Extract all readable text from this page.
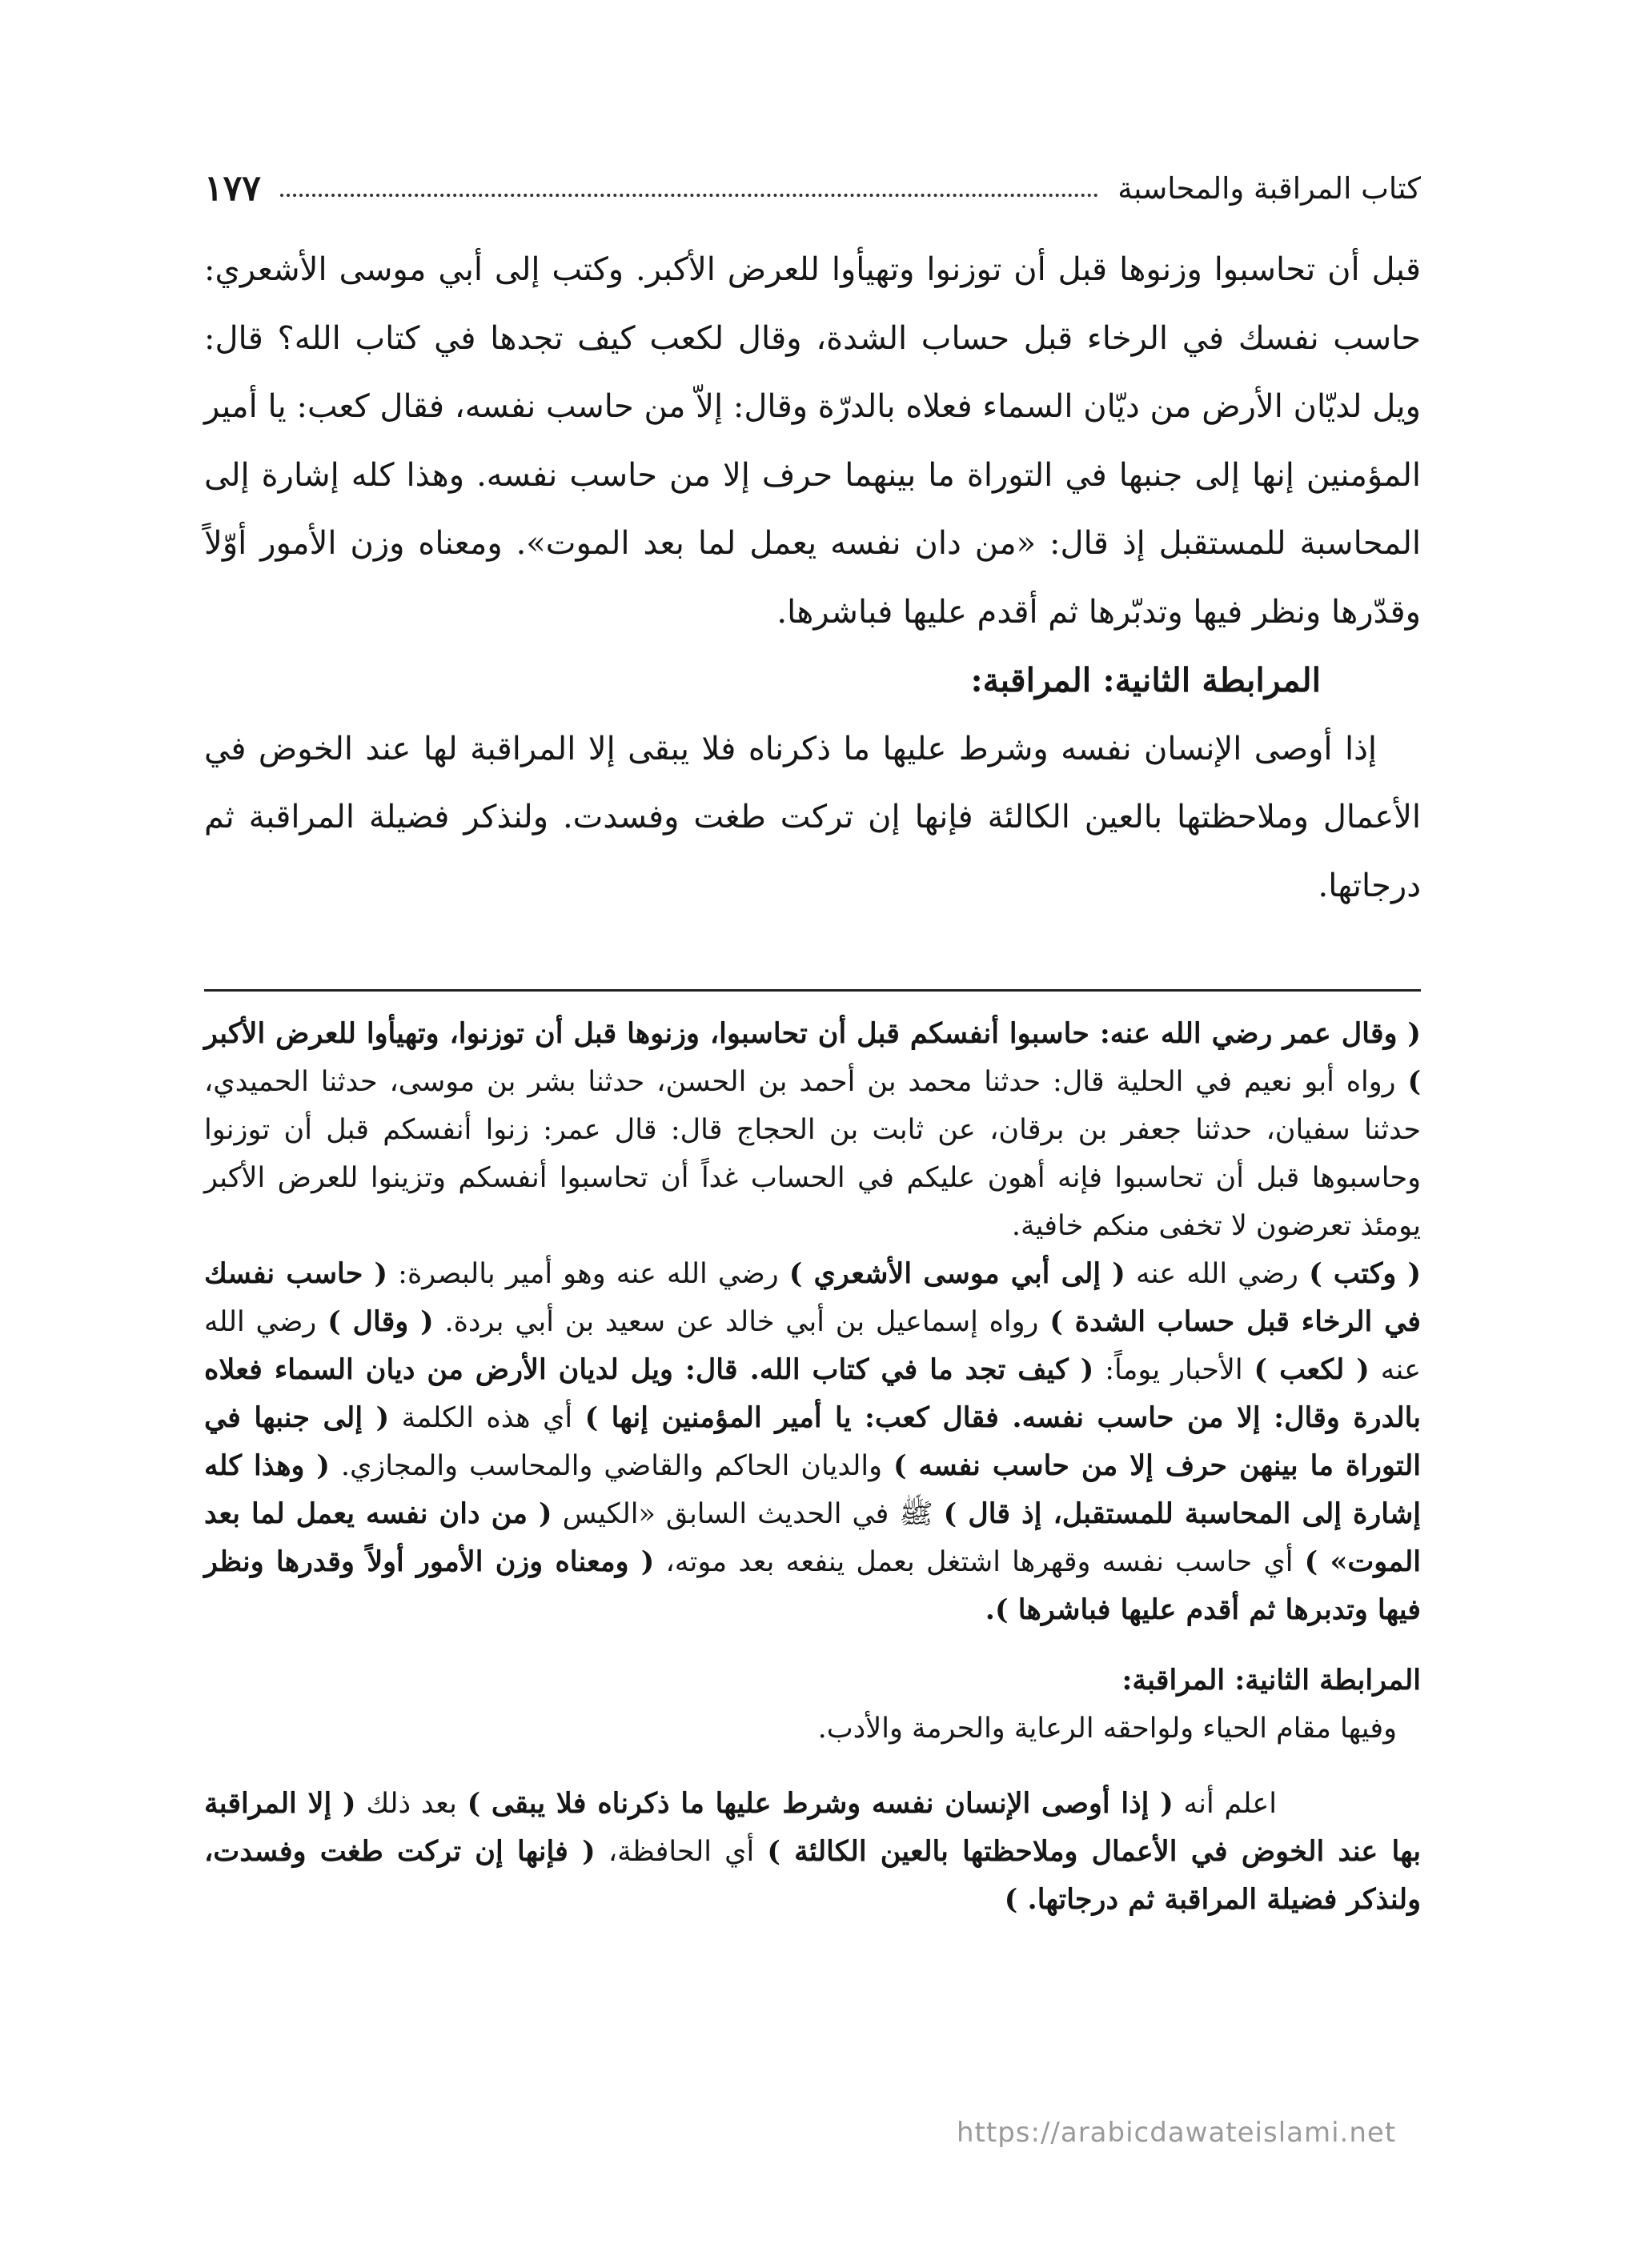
كتاب المراقبة والمحاسبة
١٧٧

قبل أن تحاسبوا وزنوها قبل أن توزنوا وتهيأوا للعرض الأكبر. وكتب إلى أبي موسى الأشعري: حاسب نفسك في الرخاء قبل حساب الشدة، وقال لكعب كيف تجدها في كتاب الله؟ قال: ويل لديّان الأرض من ديّان السماء فعلاه بالدرّة وقال: إلاّ من حاسب نفسه، فقال كعب: يا أمير المؤمنين إنها إلى جنبها في التوراة ما بينهما حرف إلا من حاسب نفسه. وهذا كله إشارة إلى المحاسبة للمستقبل إذ قال: «من دان نفسه يعمل لما بعد الموت». ومعناه وزن الأمور أوّلاً وقدّرها ونظر فيها وتدبّرها ثم أقدم عليها فباشرها.

المرابطة الثانية: المراقبة:

إذا أوصى الإنسان نفسه وشرط عليها ما ذكرناه فلا يبقى إلا المراقبة لها عند الخوض في الأعمال وملاحظتها بالعين الكالئة فإنها إن تركت طغت وفسدت. ولنذكر فضيلة المراقبة ثم درجاتها.

( وقال عمر رضي الله عنه: حاسبوا أنفسكم قبل أن تحاسبوا، وزنوها قبل أن توزنوا، وتهيأوا للعرض الأكبر ) رواه أبو نعيم في الحلية قال: حدثنا محمد بن أحمد بن الحسن، حدثنا بشر بن موسى، حدثنا الحميدي، حدثنا سفيان، حدثنا جعفر بن برقان، عن ثابت بن الحجاج قال: قال عمر: زنوا أنفسكم قبل أن توزنوا وحاسبوها قبل أن تحاسبوا فإنه أهون عليكم في الحساب غداً أن تحاسبوا أنفسكم وتزينوا للعرض الأكبر يومئذ تعرضون لا تخفى منكم خافية.

( وكتب ) رضي الله عنه ( إلى أبي موسى الأشعري ) رضي الله عنه وهو أمير بالبصرة: ( حاسب نفسك في الرخاء قبل حساب الشدة ) رواه إسماعيل بن أبي خالد عن سعيد بن أبي بردة. ( وقال ) رضي الله عنه ( لكعب ) الأحبار يوماً: ( كيف تجد ما في كتاب الله. قال: ويل لديان الأرض من ديان السماء فعلاه بالدرة وقال: إلا من حاسب نفسه. فقال كعب: يا أمير المؤمنين إنها ) أي هذه الكلمة ( إلى جنبها في التوراة ما بينهن حرف إلا من حاسب نفسه ) والديان الحاكم والقاضي والمحاسب والمجازي. ( وهذا كله إشارة إلى المحاسبة للمستقبل، إذ قال ) ﷺ في الحديث السابق «الكيس ( من دان نفسه يعمل لما بعد الموت» ) أي حاسب نفسه وقهرها اشتغل بعمل ينفعه بعد موته، ( ومعناه وزن الأمور أولاً وقدرها ونظر فيها وتدبرها ثم أقدم عليها فباشرها ).

المرابطة الثانية: المراقبة:

وفيها مقام الحياء ولواحقه الرعاية والحرمة والأدب.

اعلم أنه ( إذا أوصى الإنسان نفسه وشرط عليها ما ذكرناه فلا يبقى ) بعد ذلك ( إلا المراقبة بها عند الخوض في الأعمال وملاحظتها بالعين الكالئة ) أي الحافظة، ( فإنها إن تركت طغت وفسدت، ولنذكر فضيلة المراقبة ثم درجاتها. )

https://arabicdawateislami.net
